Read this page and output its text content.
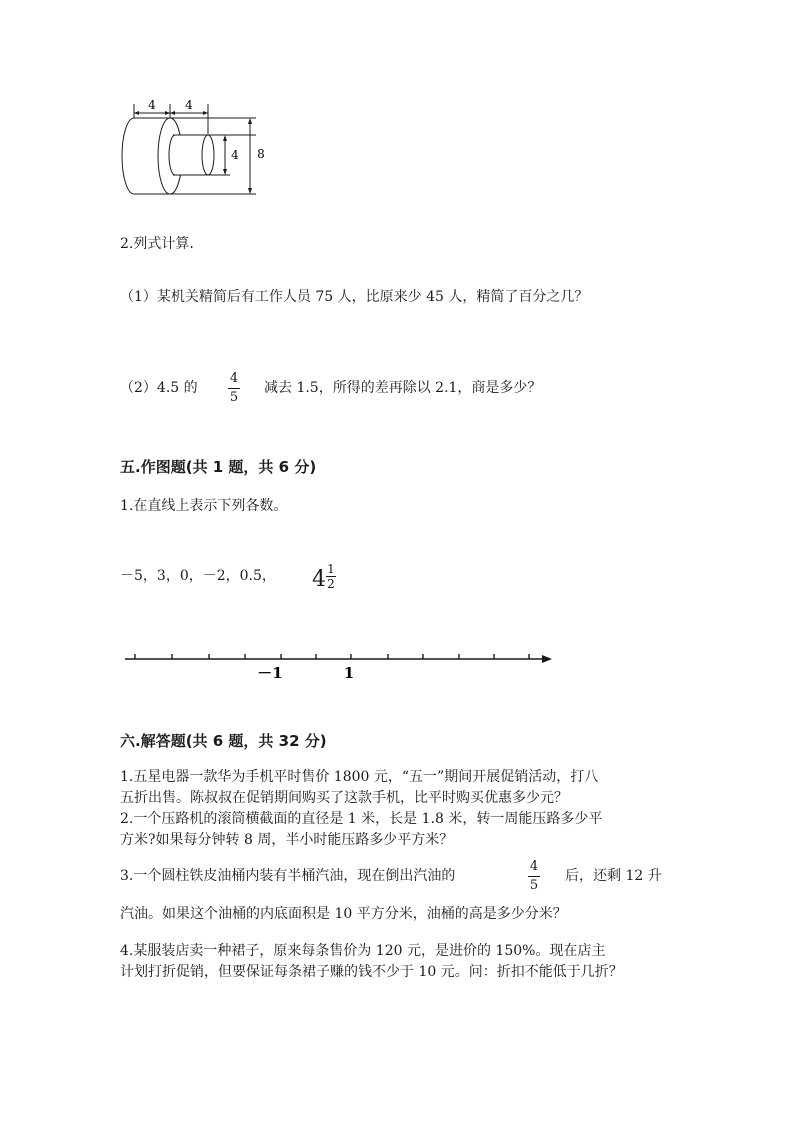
4 4
4 8
2.列式计算.
（1）某机关精简后有工作人员 75 人，比原来少 45 人，精简了百分之几？
（2）4.5 的
4
5
减去 1.5，所得的差再除以 2.1，商是多少？
五.作图题(共 1 题，共 6 分)
1.在直线上表示下列各数。
－5，3，0，－2，0.5， 4 1
2
－1	1
六.解答题(共 6 题，共 32 分)
1.五星电器一款华为手机平时售价 1800 元，“五一”期间开展促销活动，打八
五折出售。陈叔叔在促销期间购买了这款手机，比平时购买优惠多少元？
2.一个压路机的滚筒横截面的直径是 1 米，长是 1.8 米，转一周能压路多少平
方米?如果每分钟转 8 周，半小时能压路多少平方米？
3.一个圆柱铁皮油桶内装有半桶汽油，现在倒出汽油的
4
5
后，还剩 12 升
汽油。如果这个油桶的内底面积是 10 平方分米，油桶的高是多少分米？
4.某服装店卖一种裙子，原来每条售价为 120 元，是进价的 150%。现在店主
计划打折促销，但要保证每条裙子赚的钱不少于 10 元。问：折扣不能低于几折？
